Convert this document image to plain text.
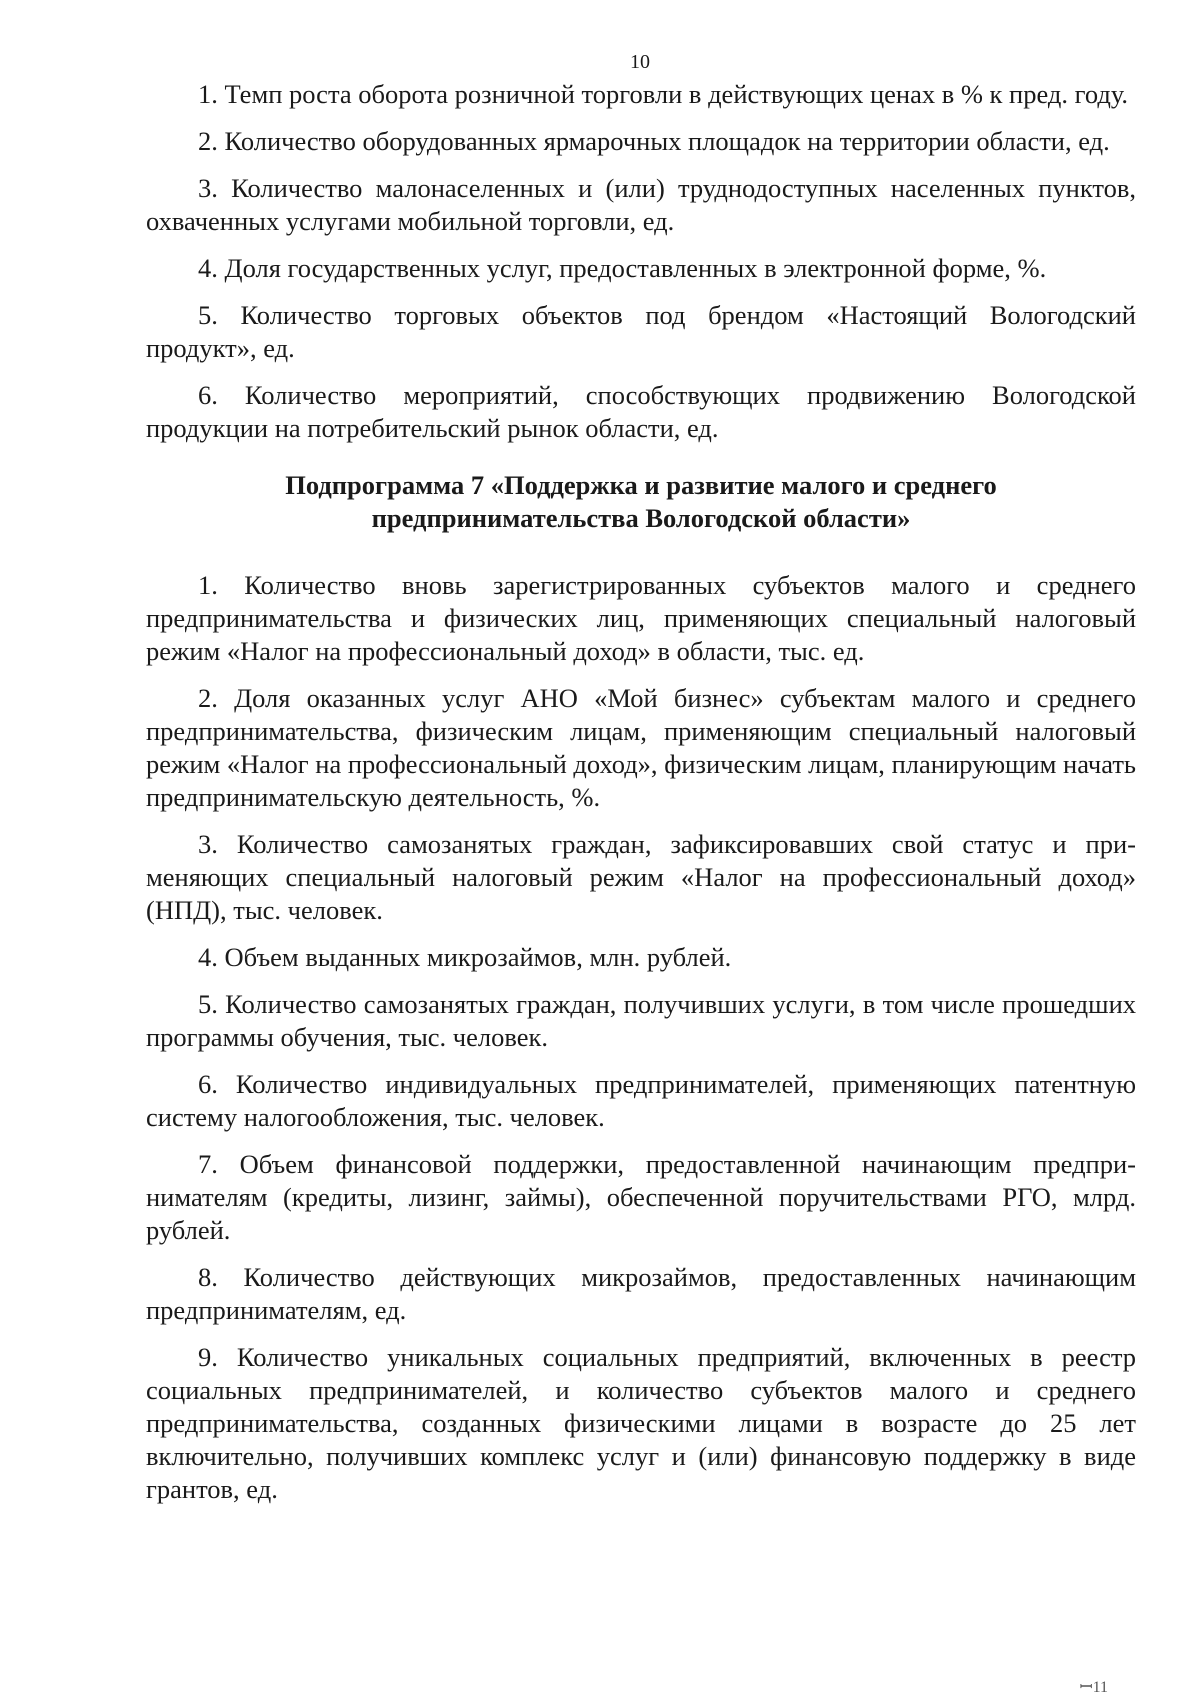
10

1. Темп роста оборота розничной торговли в действующих ценах в % к пред. году.

2. Количество оборудованных ярмарочных площадок на территории области, ед.

3. Количество малонаселенных и (или) труднодоступных населенных пунктов, охваченных услугами мобильной торговли, ед.

4. Доля государственных услуг, предоставленных в электронной форме, %.

5. Количество торговых объектов под брендом «Настоящий Вологодский продукт», ед.

6. Количество мероприятий, способствующих продвижению Вологодской продукции на потребительский рынок области, ед.

Подпрограмма 7 «Поддержка и развитие малого и среднего
предпринимательства Вологодской области»

1. Количество вновь зарегистрированных субъектов малого и среднего предпринимательства и физических лиц, применяющих специальный налоговый режим «Налог на профессиональный доход» в области, тыс. ед.

2. Доля оказанных услуг АНО «Мой бизнес» субъектам малого и среднего предпринимательства, физическим лицам, применяющим специальный налоговый режим «Налог на профессиональный доход», физическим лицам, планирующим начать предпринимательскую деятельность, %.

3. Количество самозанятых граждан, зафиксировавших свой статус и применяющих специальный налоговый режим «Налог на профессиональный доход» (НПД), тыс. человек.

4. Объем выданных микрозаймов, млн. рублей.

5. Количество самозанятых граждан, получивших услуги, в том числе прошедших программы обучения, тыс. человек.

6. Количество индивидуальных предпринимателей, применяющих патентную систему налогообложения, тыс. человек.

7. Объем финансовой поддержки, предоставленной начинающим предпринимателям (кредиты, лизинг, займы), обеспеченной поручительствами РГО, млрд. рублей.

8. Количество действующих микрозаймов, предоставленных начинающим предпринимателям, ед.

9. Количество уникальных социальных предприятий, включенных в реестр социальных предпринимателей, и количество субъектов малого и среднего предпринимательства, созданных физическими лицами в возрасте до 25 лет включительно, получивших комплекс услуг и (или) финансовую поддержку в виде грантов, ед.

ꟷ11
